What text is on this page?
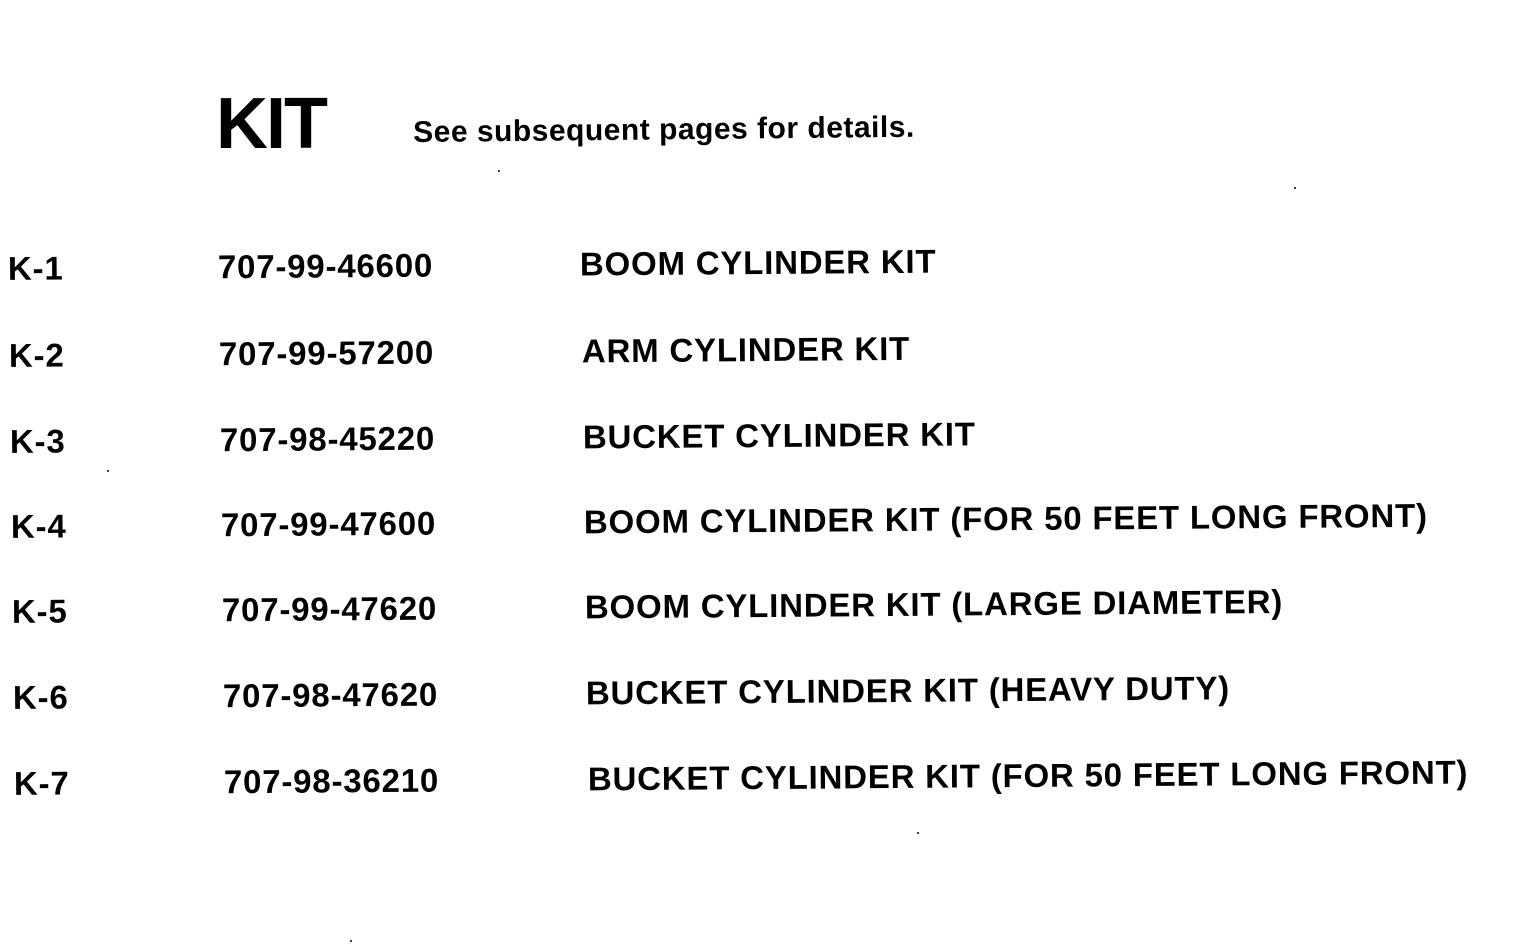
KIT	See subsequent pages for details.
K-1	707-99-46600	BOOM CYLINDER KIT
K-2	707-99-57200	ARM CYLINDER KIT
K-3	707-98-45220	BUCKET CYLINDER KIT
K-4	707-99-47600	BOOM CYLINDER KIT (FOR 50 FEET LONG FRONT)
K-5	707-99-47620	BOOM CYLINDER KIT (LARGE DIAMETER)
K-6	707-98-47620	BUCKET CYLINDER KIT (HEAVY DUTY)
K-7	707-98-36210	BUCKET CYLINDER KIT (FOR 50 FEET LONG FRONT)
